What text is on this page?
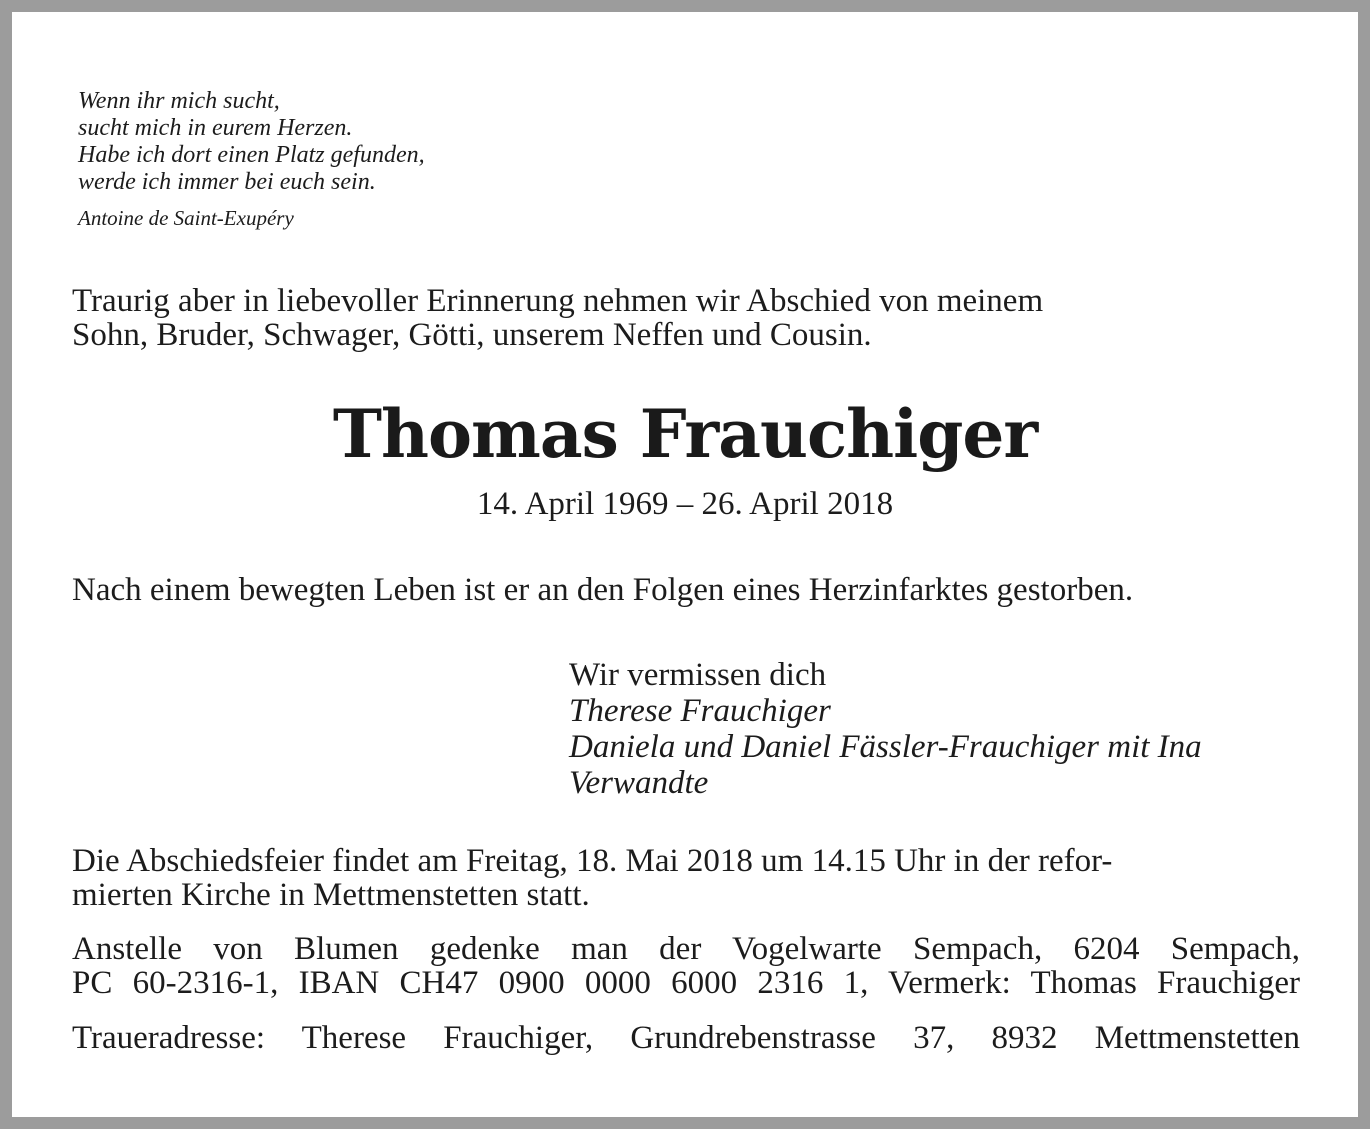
Wenn ihr mich sucht,
sucht mich in eurem Herzen.
Habe ich dort einen Platz gefunden,
werde ich immer bei euch sein.
Antoine de Saint-Exupéry
Traurig aber in liebevoller Erinnerung nehmen wir Abschied von meinem
Sohn, Bruder, Schwager, Götti, unserem Neffen und Cousin.
Thomas Frauchiger
14. April 1969 – 26. April 2018
Nach einem bewegten Leben ist er an den Folgen eines Herzinfarktes gestorben.
Wir vermissen dich
Therese Frauchiger
Daniela und Daniel Fässler-Frauchiger mit Ina
Verwandte
Die Abschiedsfeier findet am Freitag, 18. Mai 2018 um 14.15 Uhr in der refor-
mierten Kirche in Mettmenstetten statt.
Anstelle von Blumen gedenke man der Vogelwarte Sempach, 6204 Sempach,
PC 60-2316-1, IBAN CH47 0900 0000 6000 2316 1, Vermerk: Thomas Frauchiger
Traueradresse: Therese Frauchiger, Grundrebenstrasse 37, 8932 Mettmenstetten
